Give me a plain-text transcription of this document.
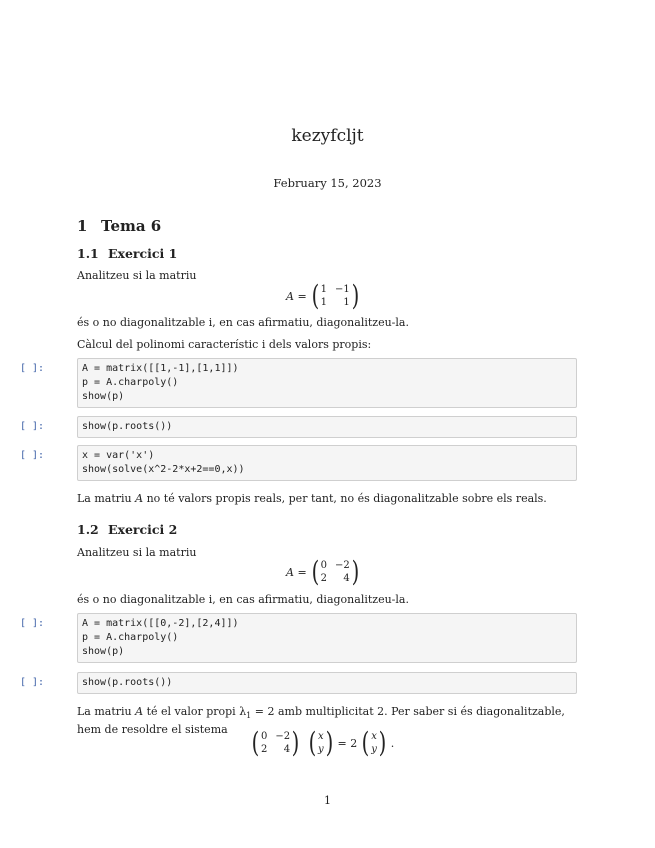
kezyfcljt
February 15, 2023
1 Tema 6
1.1 Exercici 1
Analitzeu si la matriu
A = ( 1 −1
1	1 )
és o no diagonalitzable i, en cas afirmatiu, diagonalitzeu-la.
Càlcul del polinomi característic i dels valors propis:
[ ]:	A = matrix([[1,-1],[1,1]])
p = A.charpoly()
show(p)
[ ]:	show(p.roots())
[ ]:	x = var('x')
show(solve(x^2-2*x+2==0,x))
La matriu A no té valors propis reals, per tant, no és diagonalitzable sobre els reals.
1.2 Exercici 2
Analitzeu si la matriu
A = ( 0 −2
2	4 )
és o no diagonalitzable i, en cas afirmatiu, diagonalitzeu-la.
[ ]:	A = matrix([[0,-2],[2,4]])
p = A.charpoly()
show(p)
[ ]:	show(p.roots())
La matriu A té el valor propi $\lambda_1 = 2$ amb multiplicitat 2. Per saber si és diagonalitzable, hem de resoldre el sistema ( 0 −2
2	4 ) ( x
y ) = 2 ( x
y ) .
1
